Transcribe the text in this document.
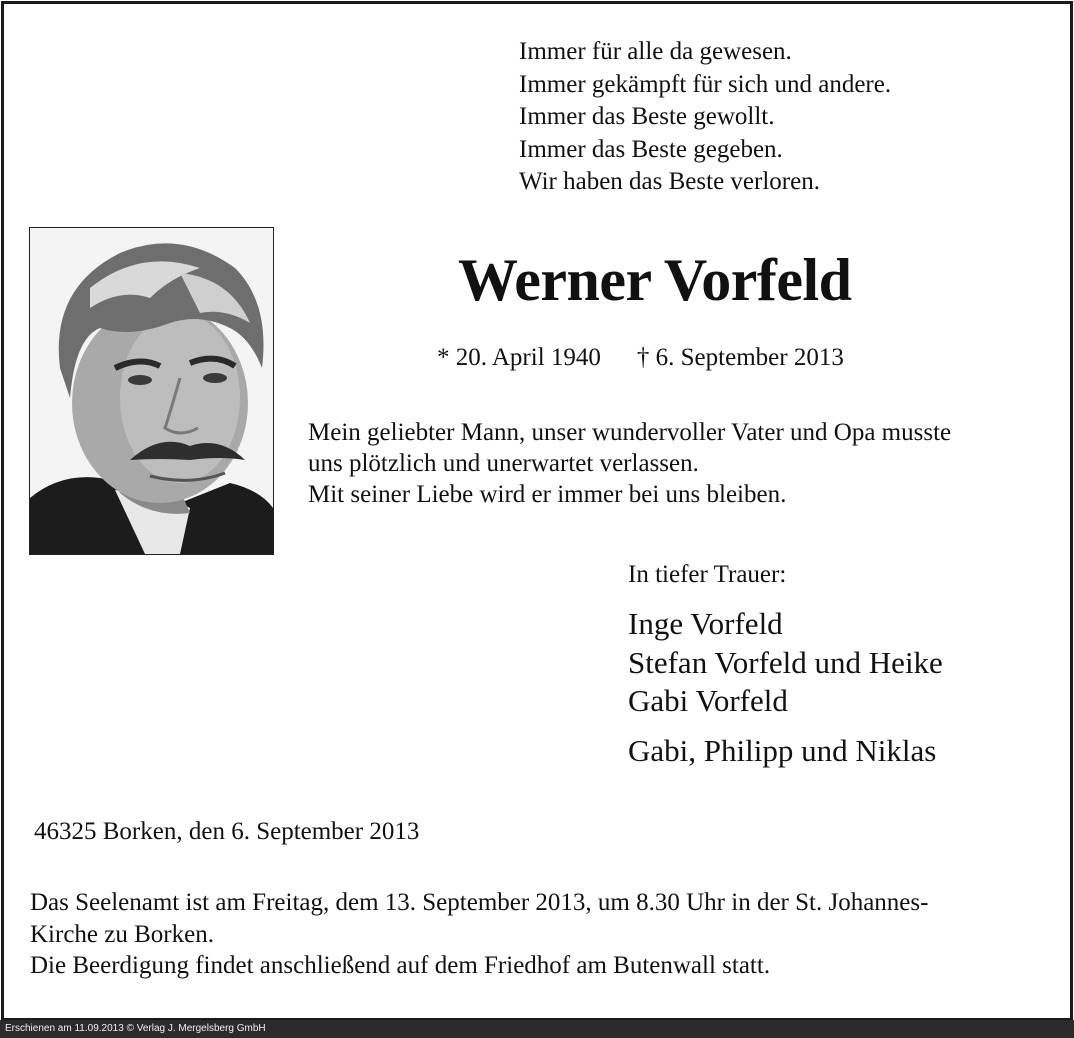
Immer für alle da gewesen.
Immer gekämpft für sich und andere.
Immer das Beste gewollt.
Immer das Beste gegeben.
Wir haben das Beste verloren.
Werner Vorfeld
* 20. April 1940 † 6. September 2013
Mein geliebter Mann, unser wundervoller Vater und Opa musste
uns plötzlich und unerwartet verlassen.
Mit seiner Liebe wird er immer bei uns bleiben.
In tiefer Trauer:
Inge Vorfeld
Stefan Vorfeld und Heike
Gabi Vorfeld
Gabi, Philipp und Niklas
46325 Borken, den 6. September 2013
Das Seelenamt ist am Freitag, dem 13. September 2013, um 8.30 Uhr in der St. Johannes-
Kirche zu Borken.
Die Beerdigung findet anschließend auf dem Friedhof am Butenwall statt.
Erschienen am 11.09.2013 © Verlag J. Mergelsberg GmbH
